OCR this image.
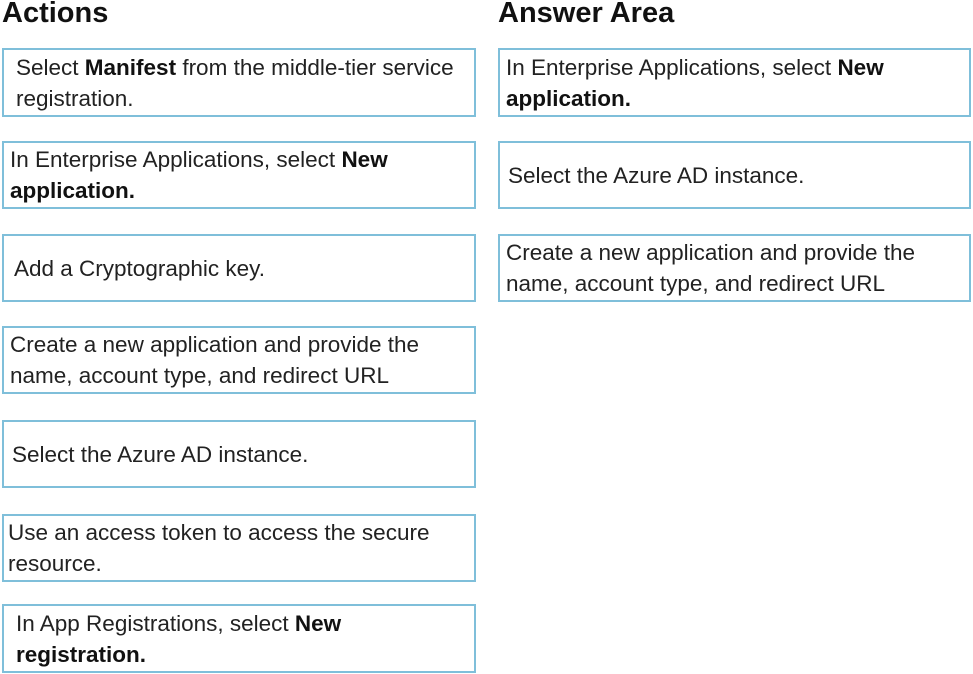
Actions	Answer Area
Select Manifest from the middle-tier service registration.
In Enterprise Applications, select New application.
Add a Cryptographic key.
Create a new application and provide the name, account type, and redirect URL
Select the Azure AD instance.
Use an access token to access the secure resource.
In App Registrations, select New registration.
In Enterprise Applications, select New application.
Select the Azure AD instance.
Create a new application and provide the name, account type, and redirect URL
